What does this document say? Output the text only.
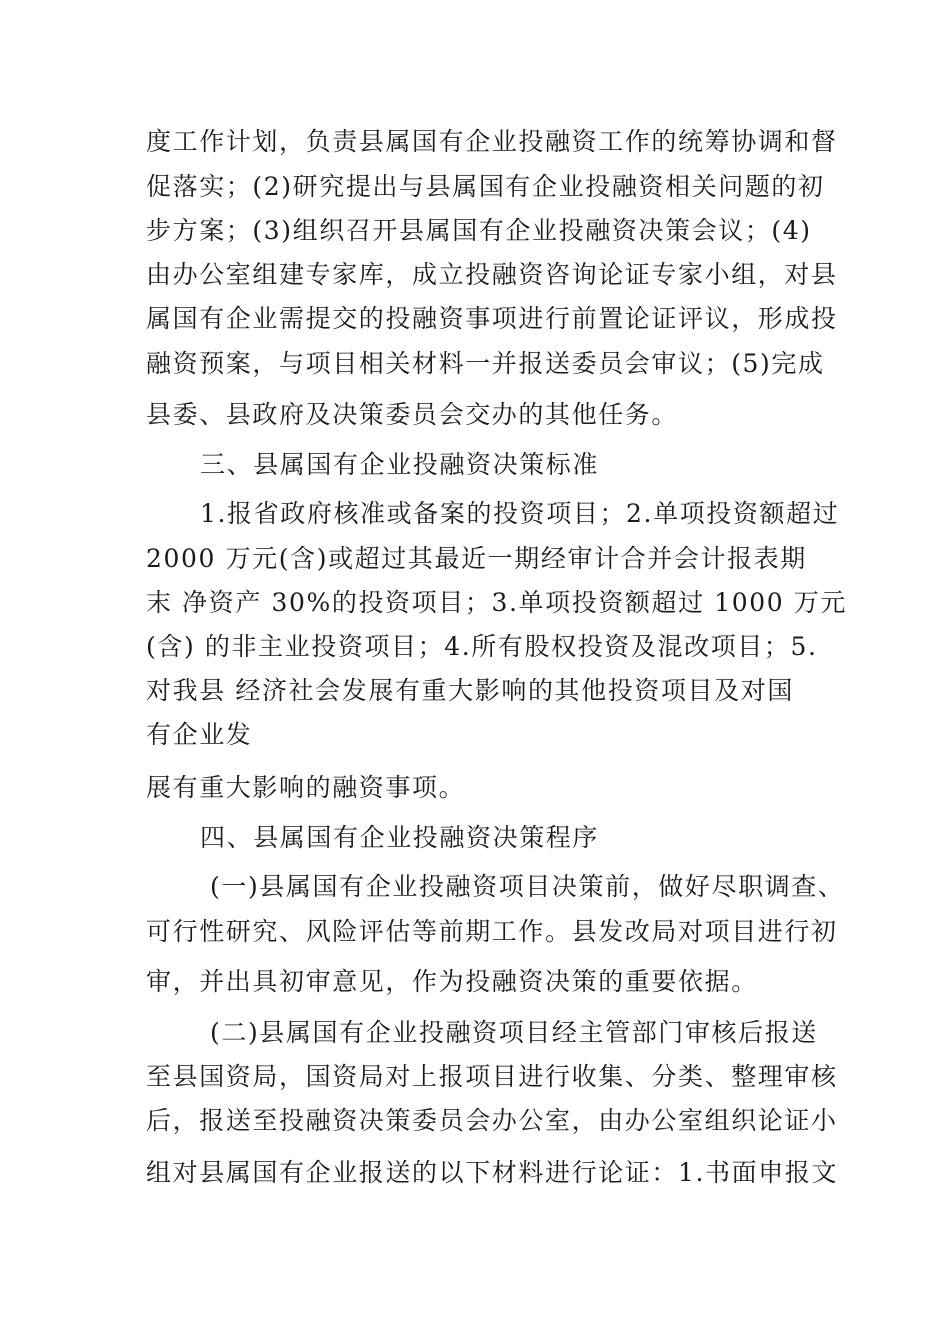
度工作计划，负责县属国有企业投融资工作的统筹协调和督
促落实；(2)研究提出与县属国有企业投融资相关问题的初
步方案；(3)组织召开县属国有企业投融资决策会议；(4)
由办公室组建专家库，成立投融资咨询论证专家小组，对县
属国有企业需提交的投融资事项进行前置论证评议，形成投
融资预案，与项目相关材料一并报送委员会审议；(5)完成
县委、县政府及决策委员会交办的其他任务。
三、县属国有企业投融资决策标准
1.报省政府核准或备案的投资项目；2.单项投资额超过
2000 万元(含)或超过其最近一期经审计合并会计报表期
末 净资产 30%的投资项目；3.单项投资额超过 1000 万元
(含) 的非主业投资项目；4.所有股权投资及混改项目；5.
对我县 经济社会发展有重大影响的其他投资项目及对国
有企业发
展有重大影响的融资事项。
四、县属国有企业投融资决策程序
(一)县属国有企业投融资项目决策前，做好尽职调查、
可行性研究、风险评估等前期工作。县发改局对项目进行初
审，并出具初审意见，作为投融资决策的重要依据。
(二)县属国有企业投融资项目经主管部门审核后报送
至县国资局，国资局对上报项目进行收集、分类、整理审核
后，报送至投融资决策委员会办公室，由办公室组织论证小
组对县属国有企业报送的以下材料进行论证：1.书面申报文
